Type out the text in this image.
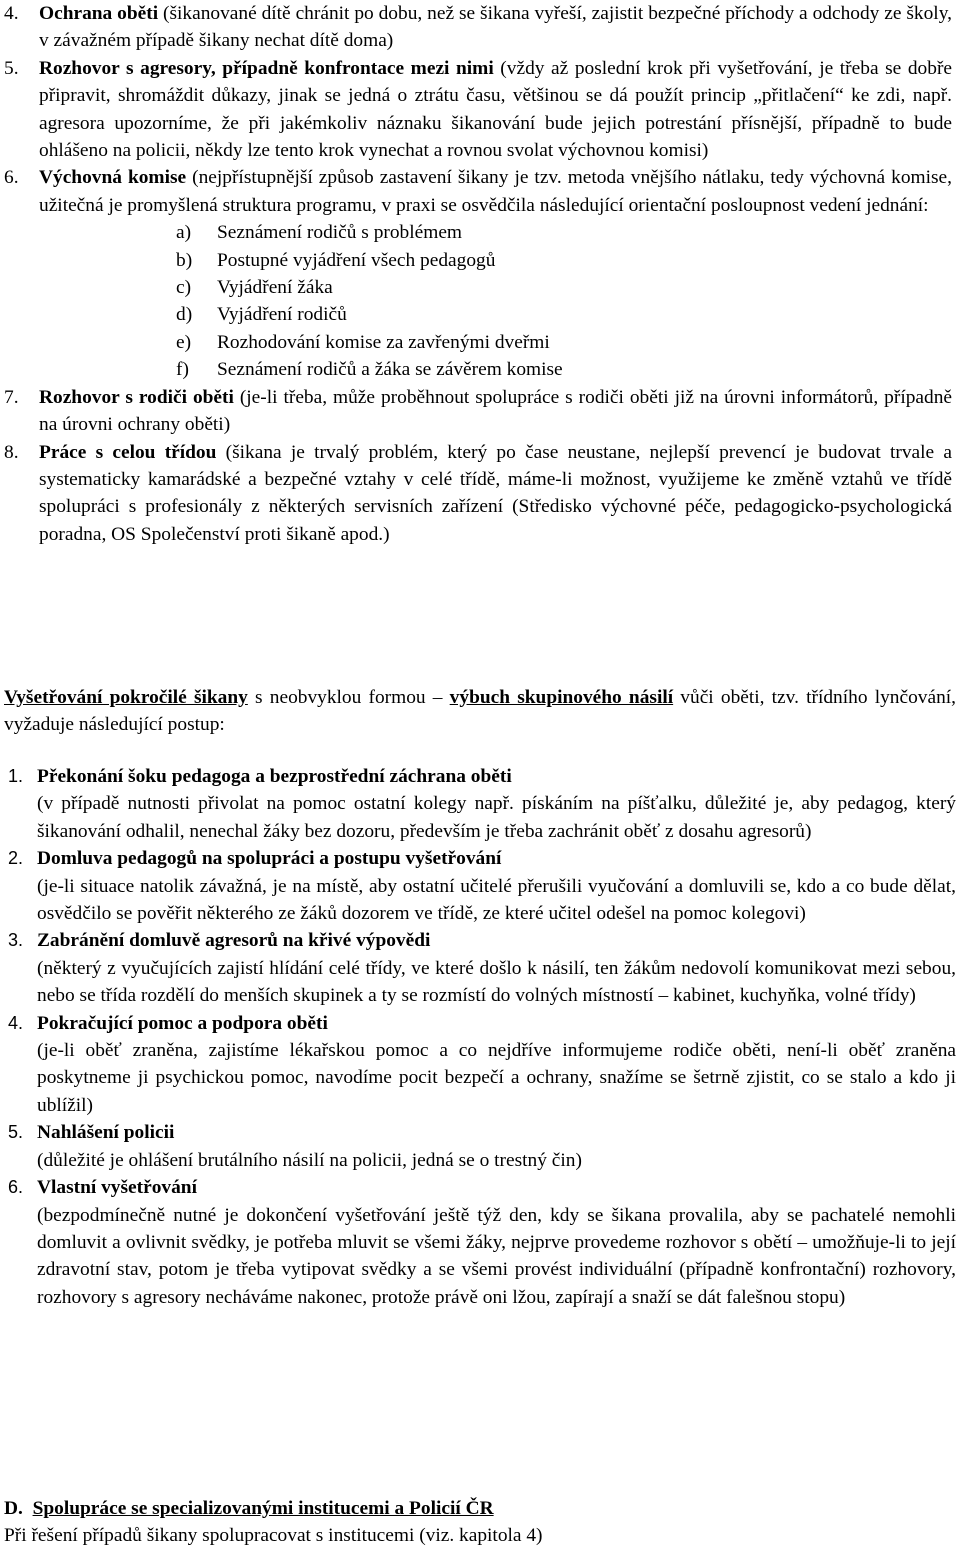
4. Ochrana oběti (šikanované dítě chránit po dobu, než se šikana vyřeší, zajistit bezpečné příchody a odchody ze školy, v závažném případě šikany nechat dítě doma)
5. Rozhovor s agresory, případně konfrontace mezi nimi (vždy až poslední krok při vyšetřování, je třeba se dobře připravit, shromáždit důkazy, jinak se jedná o ztrátu času, většinou se dá použít princip „přitlačení“ ke zdi, např. agresora upozorníme, že při jakémkoliv náznaku šikanování bude jejich potrestání přísnější, případně to bude ohlášeno na policii, někdy lze tento krok vynechat a rovnou svolat výchovnou komisi)
6. Výchovná komise (nejpřístupnější způsob zastavení šikany je tzv. metoda vnějšího nátlaku, tedy výchovná komise, užitečná je promyšlená struktura programu, v praxi se osvědčila následující orientační posloupnost vedení jednání:
a) Seznámení rodičů s problémem
b) Postupné vyjádření všech pedagogů
c) Vyjádření žáka
d) Vyjádření rodičů
e) Rozhodování komise za zavřenými dveřmi
f) Seznámení rodičů a žáka se závěrem komise
7. Rozhovor s rodiči oběti (je-li třeba, může proběhnout spolupráce s rodiči oběti již na úrovni informátorů, případně na úrovni ochrany oběti)
8. Práce s celou třídou (šikana je trvalý problém, který po čase neustane, nejlepší prevencí je budovat trvale a systematicky kamarádské a bezpečné vztahy v celé třídě, máme-li možnost, využijeme ke změně vztahů ve třídě spolupráci s profesionály z některých servisních zařízení (Středisko výchovné péče, pedagogicko-psychologická poradna, OS Společenství proti šikaně apod.)
Vyšetřování pokročilé šikany s neobvyklou formou – výbuch skupinového násilí vůči oběti, tzv. třídního lynčování, vyžaduje následující postup:
1. Překonání šoku pedagoga a bezprostřední záchrana oběti
(v případě nutnosti přivolat na pomoc ostatní kolegy např. pískáním na píšťalku, důležité je, aby pedagog, který šikanování odhalil, nenechal žáky bez dozoru, především je třeba zachránit oběť z dosahu agresorů)
2. Domluva pedagogů na spolupráci a postupu vyšetřování
(je-li situace natolik závažná, je na místě, aby ostatní učitelé přerušili vyučování a domluvili se, kdo a co bude dělat, osvědčilo se pověřit některého ze žáků dozorem ve třídě, ze které učitel odešel na pomoc kolegovi)
3. Zabránění domluvě agresorů na křivé výpovědi
(některý z vyučujících zajistí hlídání celé třídy, ve které došlo k násilí, ten žákům nedovolí komunikovat mezi sebou, nebo se třída rozdělí do menších skupinek a ty se rozmístí do volných místností – kabinet, kuchyňka, volné třídy)
4. Pokračující pomoc a podpora oběti
(je-li oběť zraněna, zajistíme lékařskou pomoc a co nejdříve informujeme rodiče oběti, není-li oběť zraněna poskytneme ji psychickou pomoc, navodíme pocit bezpečí a ochrany, snažíme se šetrně zjistit, co se stalo a kdo ji ublížil)
5. Nahlášení policii
(důležité je ohlášení brutálního násilí na policii, jedná se o trestný čin)
6. Vlastní vyšetřování
(bezpodmínečně nutné je dokončení vyšetřování ještě týž den, kdy se šikana provalila, aby se pachatelé nemohli domluvit a ovlivnit svědky, je potřeba mluvit se všemi žáky, nejprve provedeme rozhovor s obětí – umožňuje-li to její zdravotní stav, potom je třeba vytipovat svědky a se všemi provést individuální (případně konfrontační) rozhovory, rozhovory s agresory necháváme nakonec, protože právě oni lžou, zapírají a snaží se dát falešnou stopu)
D. Spolupráce se specializovanými institucemi a Policií ČR
Při řešení případů šikany spolupracovat s institucemi (viz. kapitola 4)
